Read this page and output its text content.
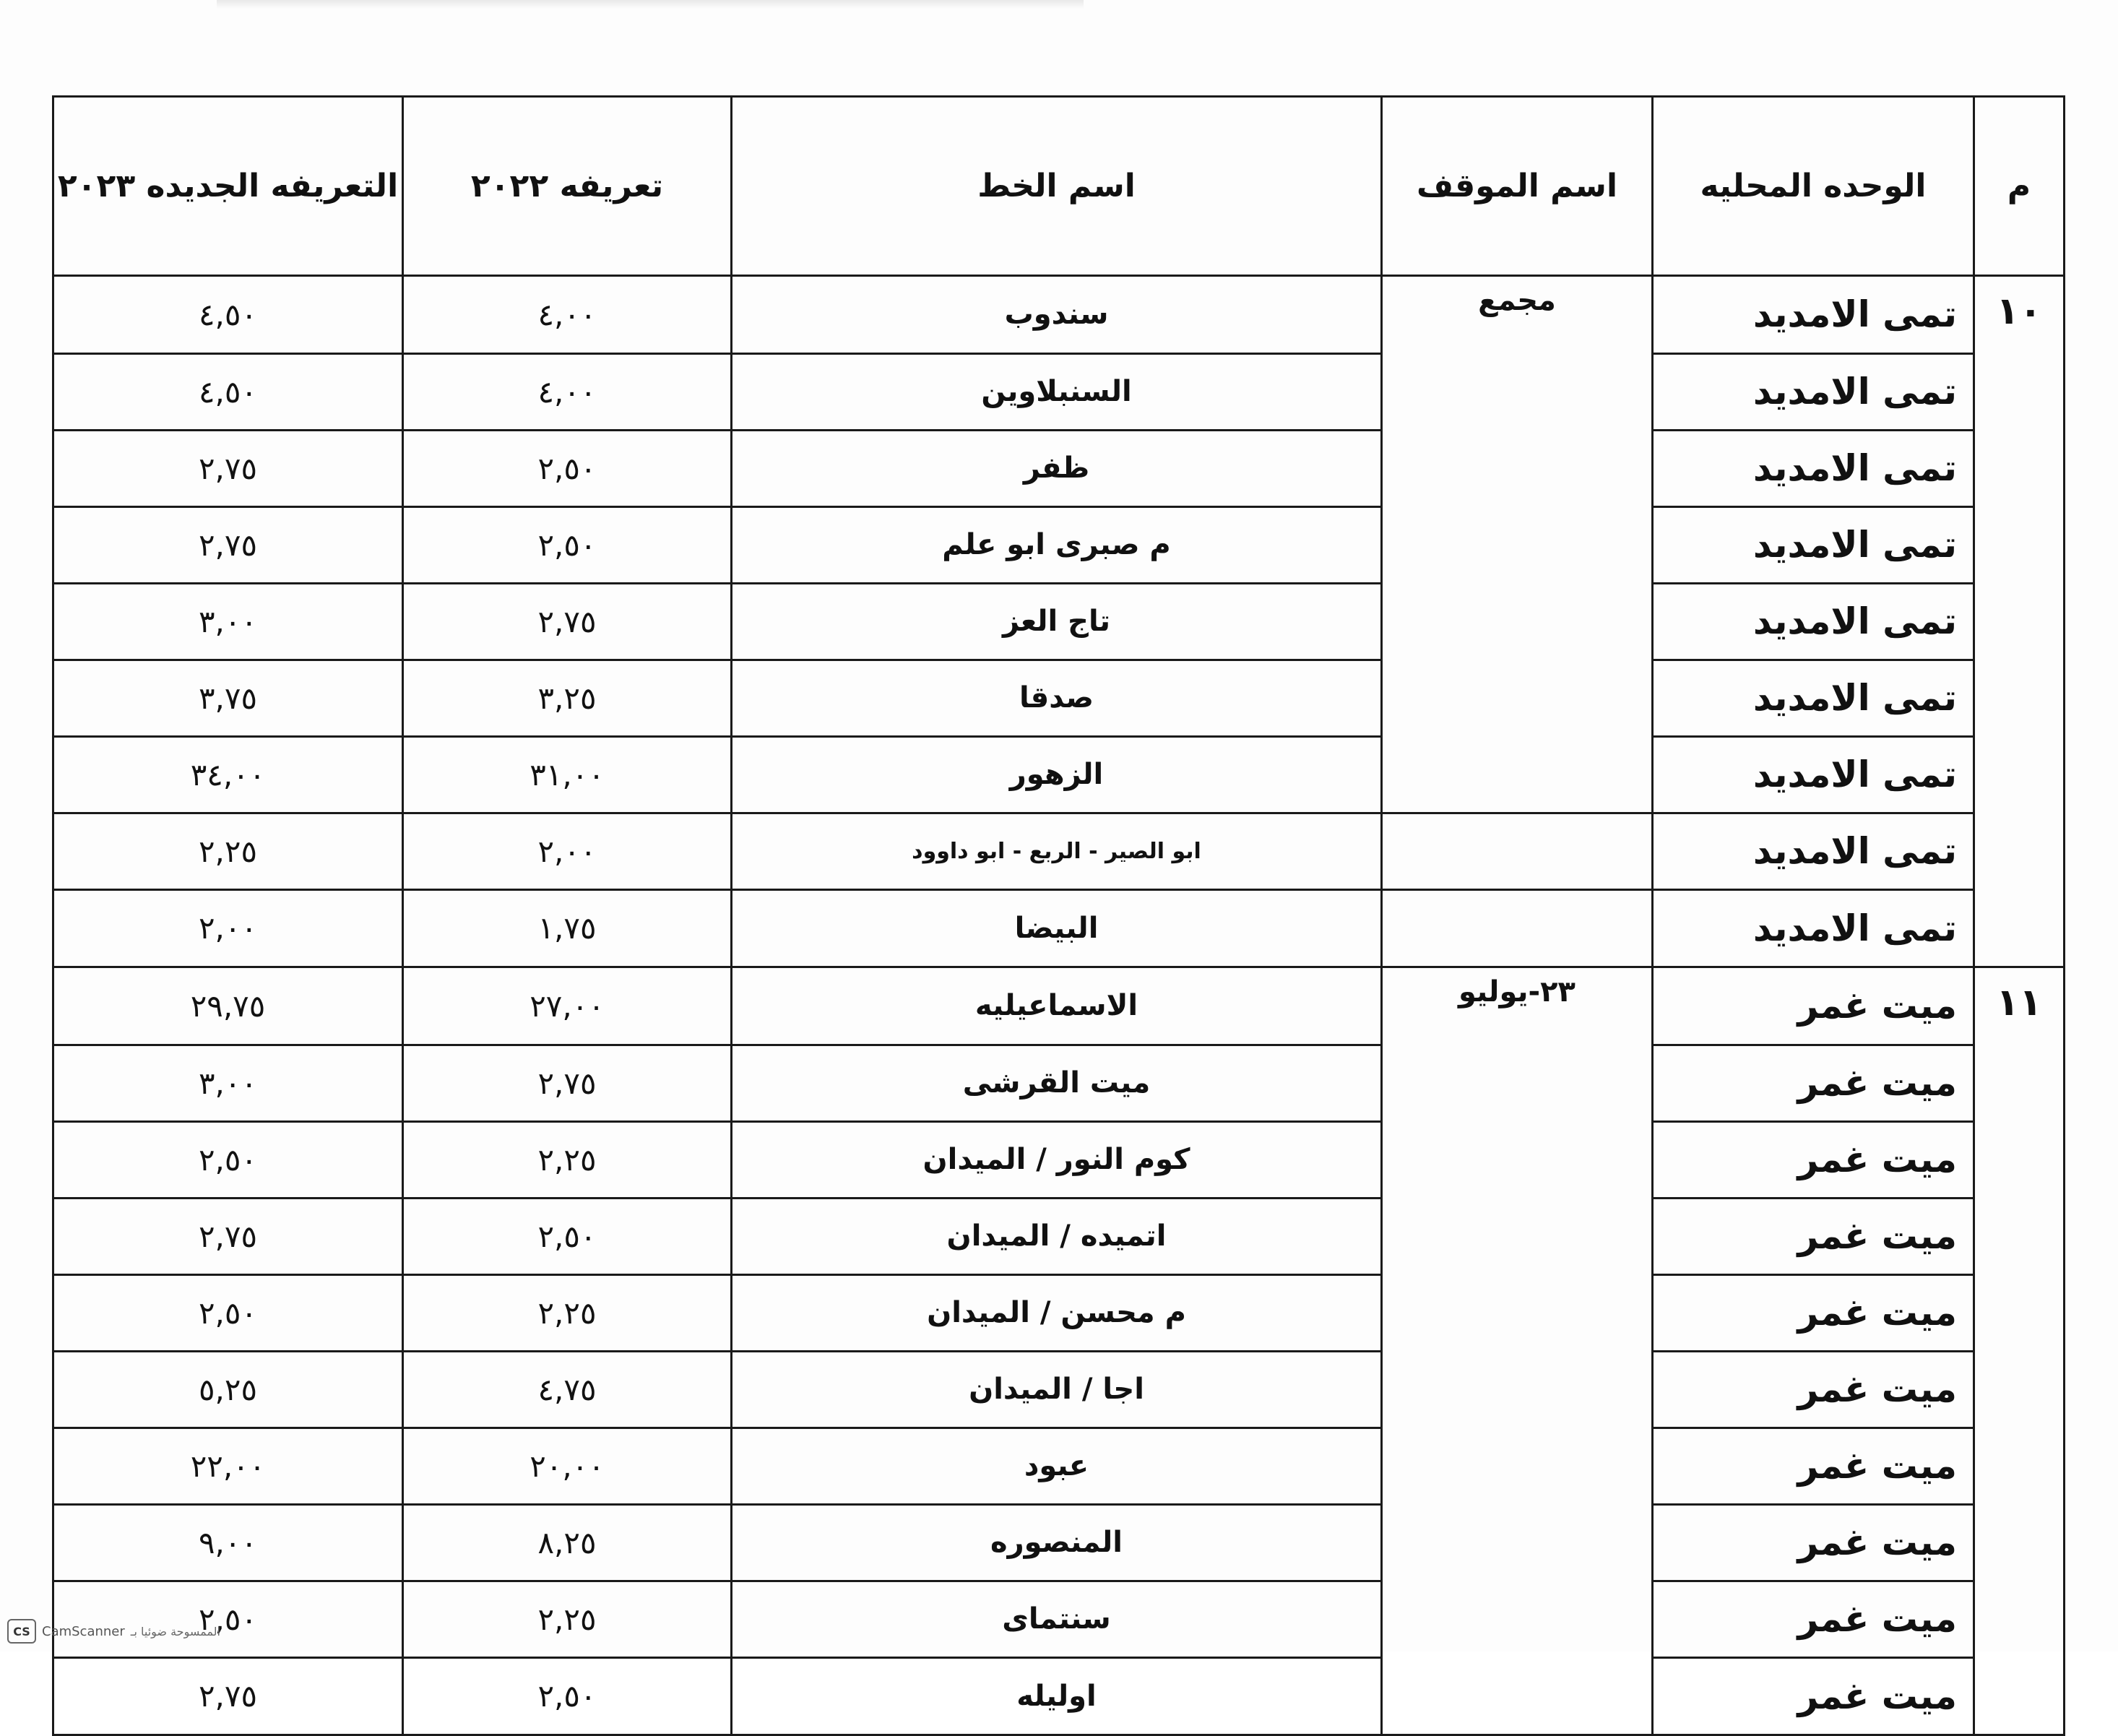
م	الوحده المحليه	اسم الموقف	اسم الخط	تعريفه ٢٠٢٢	التعريفه الجديده ٢٠٢٣
١٠	تمى الامديد	مجمع	سندوب	٤,٠٠	٤,٥٠
	تمى الامديد		السنبلاوين	٤,٠٠	٤,٥٠
	تمى الامديد		ظفر	٢,٥٠	٢,٧٥
	تمى الامديد		م صبرى ابو علم	٢,٥٠	٢,٧٥
	تمى الامديد		تاج العز	٢,٧٥	٣,٠٠
	تمى الامديد		صدقا	٣,٢٥	٣,٧٥
	تمى الامديد		الزهور	٣١,٠٠	٣٤,٠٠
	تمى الامديد		ابو الصير - الربع - ابو داوود	٢,٠٠	٢,٢٥
	تمى الامديد		البيضا	١,٧٥	٢,٠٠
١١	ميت غمر	٢٣-يوليو	الاسماعيليه	٢٧,٠٠	٢٩,٧٥
	ميت غمر		ميت القرشى	٢,٧٥	٣,٠٠
	ميت غمر		كوم النور / الميدان	٢,٢٥	٢,٥٠
	ميت غمر		اتميده / الميدان	٢,٥٠	٢,٧٥
	ميت غمر		م محسن / الميدان	٢,٢٥	٢,٥٠
	ميت غمر		اجا / الميدان	٤,٧٥	٥,٢٥
	ميت غمر		عبود	٢٠,٠٠	٢٢,٠٠
	ميت غمر		المنصوره	٨,٢٥	٩,٠٠
	ميت غمر		سنتماى	٢,٢٥	٢,٥٠
	ميت غمر		اوليله	٢,٥٠	٢,٧٥
CS CamScanner الممسوحة ضوئيا بـ
